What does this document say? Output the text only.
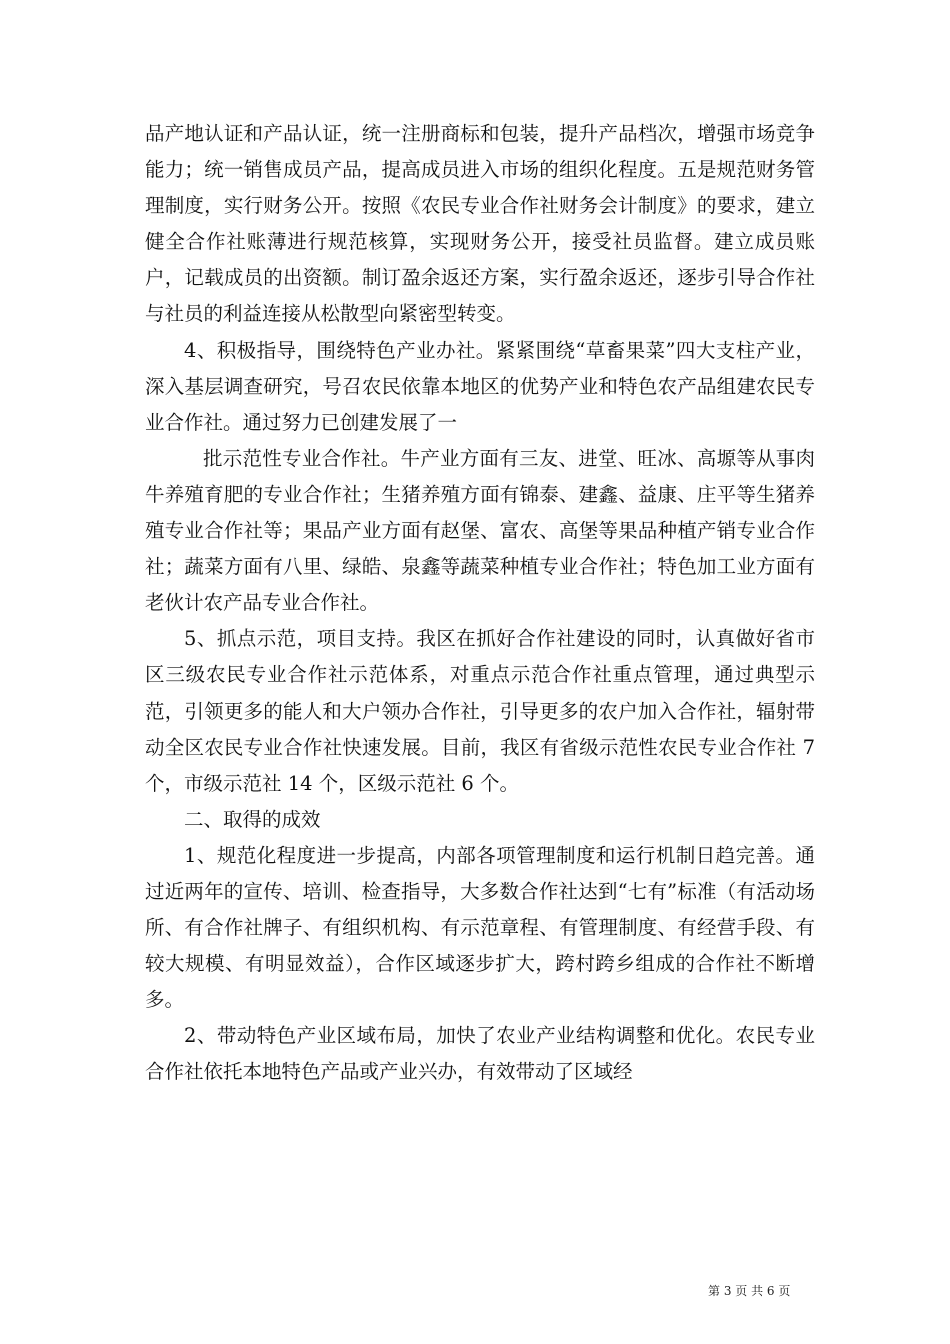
品产地认证和产品认证，统一注册商标和包装，提升产品档次，增强市场竞争能力；统一销售成员产品，提高成员进入市场的组织化程度。五是规范财务管理制度，实行财务公开。按照《农民专业合作社财务会计制度》的要求，建立健全合作社账薄进行规范核算，实现财务公开，接受社员监督。建立成员账户，记载成员的出资额。制订盈余返还方案，实行盈余返还，逐步引导合作社与社员的利益连接从松散型向紧密型转变。

4、积极指导，围绕特色产业办社。紧紧围绕“草畜果菜”四大支柱产业，深入基层调查研究，号召农民依靠本地区的优势产业和特色农产品组建农民专业合作社。通过努力已创建发展了一

批示范性专业合作社。牛产业方面有三友、进堂、旺冰、高塬等从事肉牛养殖育肥的专业合作社；生猪养殖方面有锦泰、建鑫、益康、庄平等生猪养殖专业合作社等；果品产业方面有赵堡、富农、高堡等果品种植产销专业合作社；蔬菜方面有八里、绿皓、泉鑫等蔬菜种植专业合作社；特色加工业方面有老伙计农产品专业合作社。

5、抓点示范，项目支持。我区在抓好合作社建设的同时，认真做好省市区三级农民专业合作社示范体系，对重点示范合作社重点管理，通过典型示范，引领更多的能人和大户领办合作社，引导更多的农户加入合作社，辐射带动全区农民专业合作社快速发展。目前，我区有省级示范性农民专业合作社 7 个，市级示范社 14 个，区级示范社 6 个。

二、取得的成效

1、规范化程度进一步提高，内部各项管理制度和运行机制日趋完善。通过近两年的宣传、培训、检查指导，大多数合作社达到“七有”标准（有活动场所、有合作社牌子、有组织机构、有示范章程、有管理制度、有经营手段、有较大规模、有明显效益），合作区域逐步扩大，跨村跨乡组成的合作社不断增多。

2、带动特色产业区域布局，加快了农业产业结构调整和优化。农民专业合作社依托本地特色产品或产业兴办，有效带动了区域经

第 3 页 共 6 页
